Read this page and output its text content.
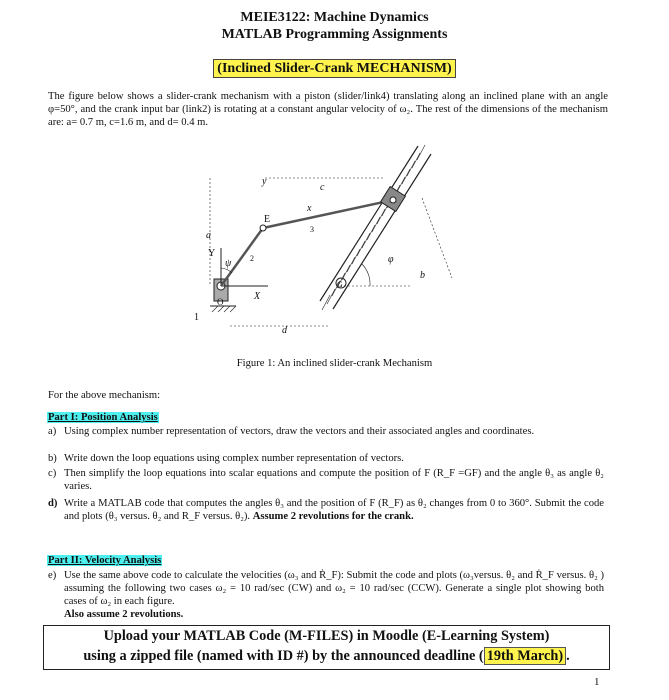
MEIE3122: Machine Dynamics
MATLAB Programming Assignments
(Inclined Slider-Crank MECHANISM)
The figure below shows a slider-crank mechanism with a piston (slider/link4) translating along an inclined plane with an angle φ=50°, and the crank input bar (link2) is rotating at a constant angular velocity of ω₂. The rest of the dimensions of the mechanism are: a= 0.7 m, c=1.6 m, and d= 0.4 m.
y
c
x
E
3
a
Y	2
ψ	φ
b
O	X
G
1
d
Figure 1: An inclined slider-crank Mechanism
For the above mechanism:
Part I: Position Analysis
a) Using complex number representation of vectors, draw the vectors and their associated angles and coordinates.
b) Write down the loop equations using complex number representation of vectors.
c) Then simplify the loop equations into scalar equations and compute the position of F (R_F =GF) and the angle θ₃ as angle θ₂ varies.
d) Write a MATLAB code that computes the angles θ₃ and the position of F (R_F) as θ₂ changes from 0 to 360°. Submit the code and plots (θ₃ versus. θ₂ and R_F versus. θ₂). Assume 2 revolutions for the crank.
Part II: Velocity Analysis
e) Use the same above code to calculate the velocities (ω₃ and Ṙ_F): Submit the code and plots (ω₃versus. θ₂ and Ṙ_F versus. θ₂ ) assuming the following two cases ω₂ = 10 rad/sec (CW) and ω₂ = 10 rad/sec (CCW). Generate a single plot showing both cases of ω₂ in each figure.
Also assume 2 revolutions.
Upload your MATLAB Code (M-FILES) in Moodle (E-Learning System)
using a zipped file (named with ID #) by the announced deadline ( 19th March) .
1
